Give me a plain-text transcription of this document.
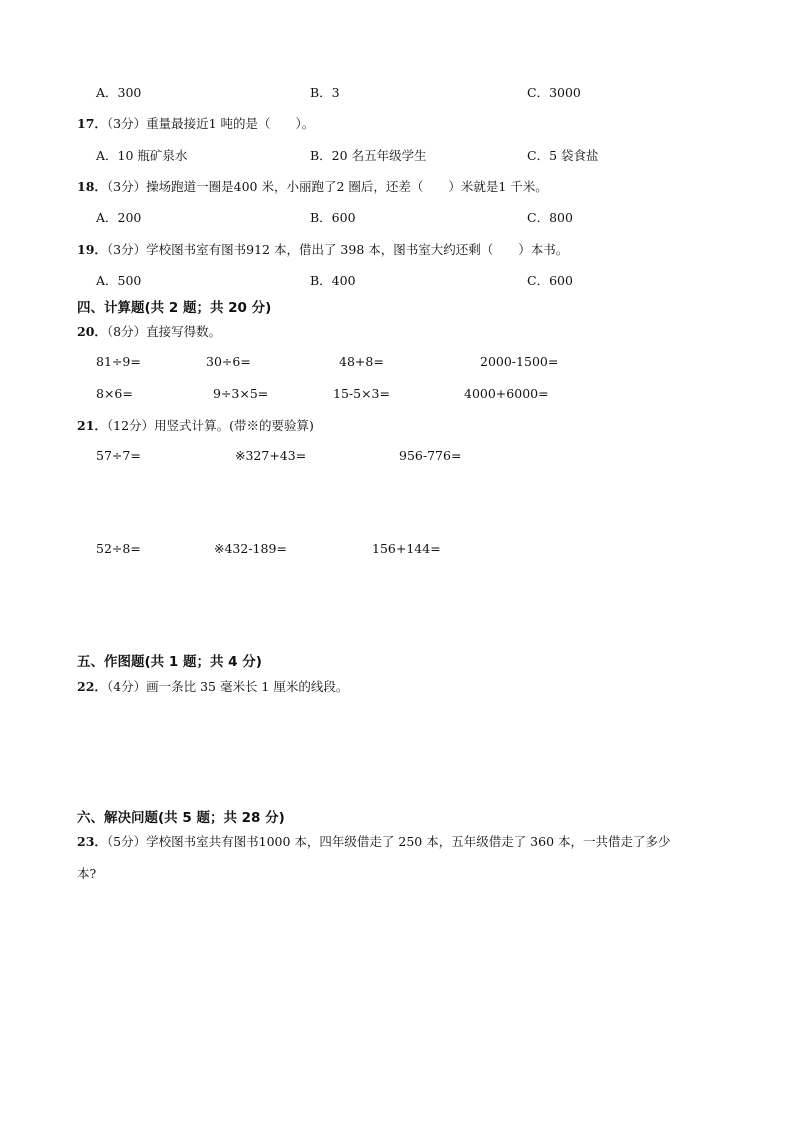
A．300	B．3	C．3000
17．（3分）重量最接近1 吨的是（　　）。
A．10 瓶矿泉水	B．20 名五年级学生	C．5 袋食盐
18．（3分）操场跑道一圈是400 米，小丽跑了2 圈后，还差（　　）米就是1 千米。
A．200	B．600	C．800
19．（3分）学校图书室有图书912 本，借出了 398 本，图书室大约还剩（　　）本书。
A．500	B．400	C．600
四、计算题(共 2 题；共 20 分)
20．（8分）直接写得数。
81÷9=	30÷6=	48+8=	2000-1500=
8×6=	9÷3×5=	15-5×3=	4000+6000=
21．（12分）用竖式计算。(带※的要验算)
57÷7=	※327+43=	956-776=
52÷8=	※432-189=	156+144=
五、作图题(共 1 题；共 4 分)
22．（4分）画一条比 35 毫米长 1 厘米的线段。
六、解决问题(共 5 题；共 28 分)
23．（5分）学校图书室共有图书1000 本，四年级借走了 250 本，五年级借走了 360 本，一共借走了多少
本?
